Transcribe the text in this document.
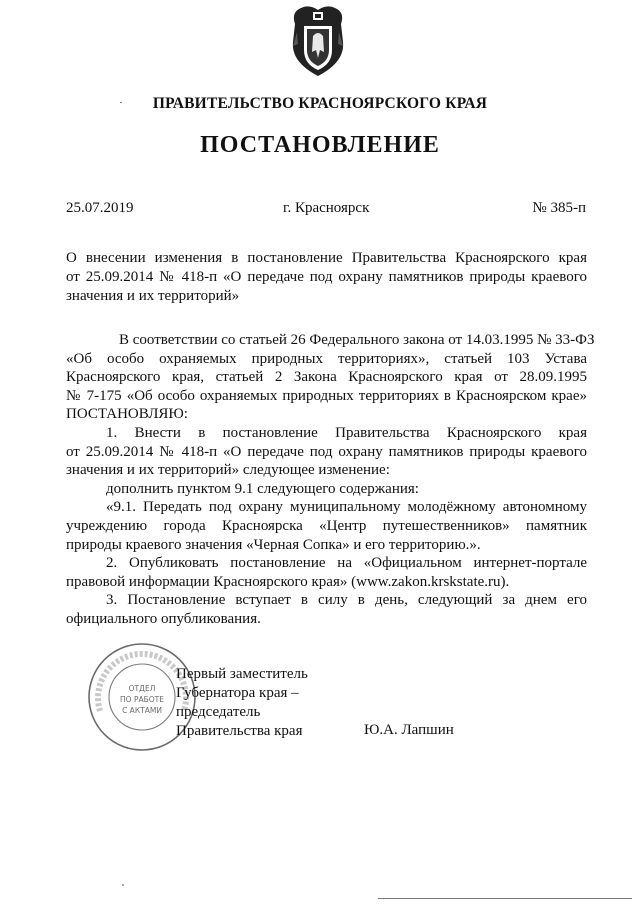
ПРАВИТЕЛЬСТВО КРАСНОЯРСКОГО КРАЯ
ПОСТАНОВЛЕНИЕ
25.07.2019	г. Красноярск	№ 385-п

О внесении изменения в постановление Правительства Красноярского края

от 25.09.2014 № 418-п «О передаче под охрану памятников природы краевого

значения и их территорий»

В соответствии со статьей 26 Федерального закона от 14.03.1995 № 33-ФЗ
«Об особо охраняемых природных территориях», статьей 103 Устава
Красноярского края, статьей 2 Закона Красноярского края от 28.09.1995
№ 7-175 «Об особо охраняемых природных территориях в Красноярском крае»
ПОСТАНОВЛЯЮ:
1. Внести в постановление Правительства Красноярского края
от 25.09.2014 № 418-п «О передаче под охрану памятников природы краевого
значения и их территорий» следующее изменение:
дополнить пунктом 9.1 следующего содержания:
«9.1. Передать под охрану муниципальному молодёжному автономному
учреждению города Красноярска «Центр путешественников» памятник
природы краевого значения «Черная Сопка» и его территорию.».
2. Опубликовать постановление на «Официальном интернет-портале
правовой информации Красноярского края» (www.zakon.krskstate.ru).
3. Постановление вступает в силу в день, следующий за днем его
официального опубликования.
ОТДЕЛ
ПО РАБОТЕ
С АКТАМИ
Первый заместитель
Губернатора края –
председатель
Правительства края	Ю.А. Лапшин
